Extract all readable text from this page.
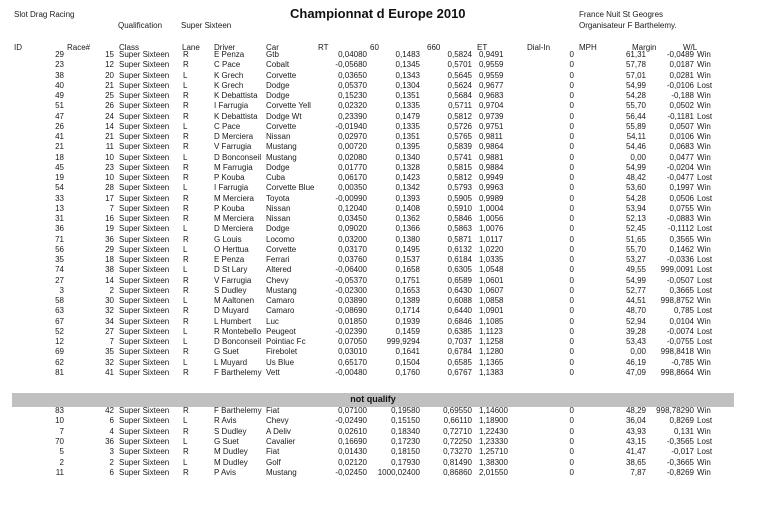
Slot Drag Racing
Qualification Super Sixteen
Championnat d Europe 2010	France Nuit St Geogres
Organisateur F Barthelemy.
ID	Race#	Class	Lane Driver	Car	RT	60	660	ET	Dial-In	MPH	Margin	W/L
29	15 Super Sixteen R	E Penza	Gtb	0,04080	0,1483	0,5824 0,9491	0	61,31	-0,0489 Win
23	12 Super Sixteen R	C Pace	Cobalt	-0,05680	0,1345	0,5701 0,9559	0	57,78	0,0187 Win
38	20 Super Sixteen L	K Grech	Corvette	0,03650	0,1343	0,5645 0,9559	0	57,01	0,0281 Win
40	21 Super Sixteen L	K Grech	Dodge	0,05370	0,1304	0,5624 0,9677	0	54,99	-0,0106 Lost
49	25 Super Sixteen R	K Debattista Dodge	0,15230	0,1351	0,5684 0,9683	0	54,28	-0,188 Win
51	26 Super Sixteen R	I Farrugia Corvette Yell	0,02320	0,1335	0,5711 0,9704	0	55,70	0,0502 Win
47	24 Super Sixteen R	K Debattista Dodge Wt	0,23390	0,1479	0,5812 0,9739	0	56,44	-0,1181 Lost
26	14 Super Sixteen L	C Pace	Corvette	-0,01940	0,1335	0,5726 0,9751	0	55,89	0,0507 Win
41	21 Super Sixteen R	D Merciera Nissan	0,02970	0,1351	0,5765 0,9811	0	54,11	0,0106 Win
21	11 Super Sixteen R	V Farrugia Mustang	0,00720	0,1395	0,5839 0,9864	0	54,46	0,0683 Win
18	10 Super Sixteen L	D Bonconseil Mustang	0,02080	0,1340	0,5741 0,9881	0	0,00	0,0477 Win
45	23 Super Sixteen R	M Farrugia Dodge	0,01770	0,1328	0,5815 0,9884	0	54,99	-0,0204 Win
19	10 Super Sixteen R	P Kouba	Cuba	0,06170	0,1423	0,5812 0,9949	0	48,42	-0,0477 Lost
54	28 Super Sixteen L	I Farrugia Corvette Blue	0,00350	0,1342	0,5793 0,9963	0	53,60	0,1997 Win
33	17 Super Sixteen R	M Merciera Toyota	-0,00990	0,1393	0,5905 0,9989	0	54,28	0,0506 Lost
13	7 Super Sixteen R	P Kouba	Nissan	0,12040	0,1408	0,5910 1,0004	0	53,94	0,0755 Win
31	16 Super Sixteen R	M Merciera Nissan	0,03450	0,1362	0,5846 1,0056	0	52,13	-0,0883 Win
36	19 Super Sixteen L	D Merciera Dodge	0,09020	0,1366	0,5863 1,0076	0	52,45	-0,1112 Lost
71	36 Super Sixteen R	G Louis	Locomo	0,03200	0,1380	0,5871 1,0117	0	51,65	0,3565 Win
56	29 Super Sixteen L	O Herttua Corvette	0,03170	0,1495	0,6132 1,0220	0	55,70	0,1462 Win
35	18 Super Sixteen R	E Penza	Ferrari	0,03760	0,1537	0,6184 1,0335	0	53,27	-0,0336 Lost
74	38 Super Sixteen L	D St Lary Altered	-0,06400	0,1658	0,6305 1,0548	0	49,55	999,0091 Lost
27	14 Super Sixteen R	V Farrugia Chevy	-0,05370	0,1751	0,6589 1,0601	0	54,99	-0,0507 Lost
3	2 Super Sixteen R	S Dudley Mustang	-0,02300	0,1653	0,6430 1,0607	0	52,77	0,3665 Lost
58	30 Super Sixteen L	M Aaltonen Camaro	0,03890	0,1389	0,6088 1,0858	0	44,51	998,8752 Win
63	32 Super Sixteen R	D Muyard Camaro	-0,08690	0,1714	0,6440 1,0901	0	48,70	0,785 Lost
67	34 Super Sixteen R	L Humbert Luc	0,01850	0,1939	0,6846 1,1085	0	52,94	0,0104 Win
52	27 Super Sixteen L	R Montebello Peugeot	-0,02390	0,1459	0,6385 1,1123	0	39,28	-0,0074 Lost
12	7 Super Sixteen L	D Bonconseil Pointiac Fc	0,07050	999,9294	0,7037 1,1258	0	53,43	-0,0755 Lost
69	35 Super Sixteen R	G Suet	Firebolet	0,03010	0,1641	0,6784 1,1280	0	0,00	998,8418 Win
62	32 Super Sixteen L	L Muyard Us Blue	0,65170	0,1504	0,6585 1,1365	0	46,19	-0,785 Win
81	41 Super Sixteen R	F Barthelemy Vett	-0,00480	0,1760	0,6767 1,1383	0	47,09	998,8664 Win
not qualify
83	42 Super Sixteen R	F Barthelemy Fiat	0,07100	0,19580	0,69550 1,14600	0	48,29	998,78290 Win
10	6 Super Sixteen L	R Avis	Chevy	-0,02490	0,15150	0,66110 1,18900	0	36,04	0,8269 Lost
7	4 Super Sixteen R	S Dudley A Deliv	0,02610	0,18340	0,72710 1,22430	0	43,93	0,131 Win
70	36 Super Sixteen L	G Suet	Cavalier	0,16690	0,17230	0,72250 1,23330	0	43,15	-0,3565 Lost
5	3 Super Sixteen R	M Dudley Fiat	0,01430	0,18150	0,73270 1,25710	0	41,47	-0,017 Lost
2	2 Super Sixteen L	M Dudley Golf	0,02120	0,17930	0,81490 1,38300	0	38,65	-0,3665 Win
11	6 Super Sixteen R	P Avis	Mustang	-0,02450	1000,02400	0,86860 2,01550	0	7,87	-0,8269 Win
